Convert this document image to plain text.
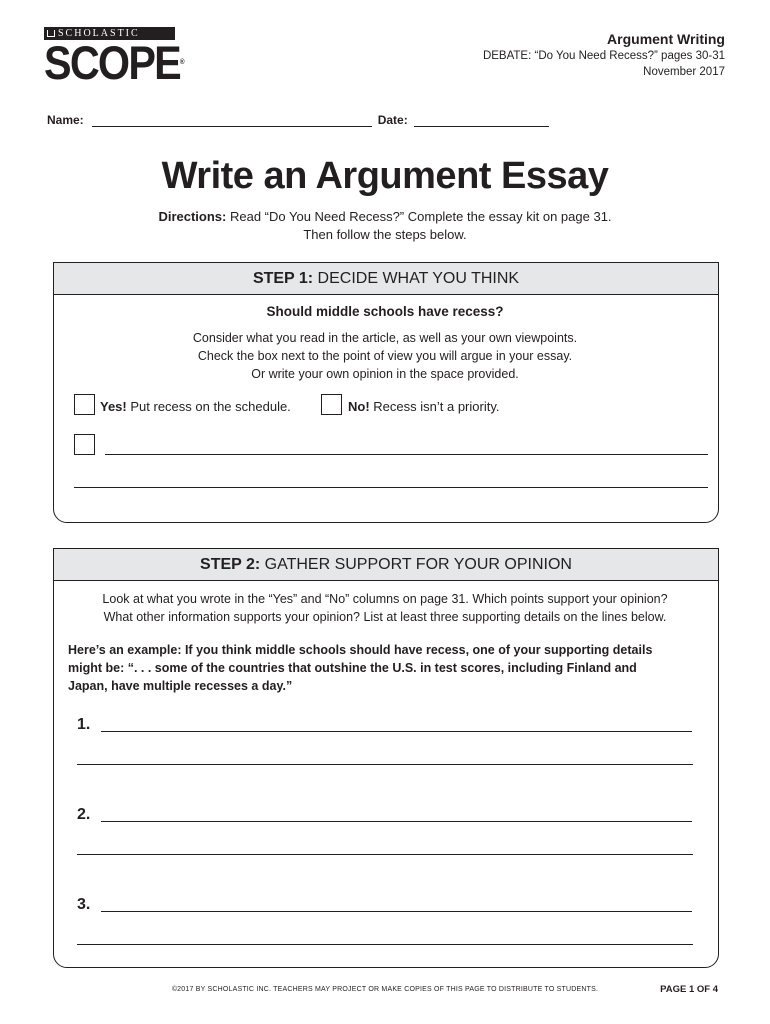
SCHOLASTIC
SCOPE®
Argument Writing
DEBATE: “Do You Need Recess?” pages 30-31
November 2017
Name:	Date:
Write an Argument Essay
Directions: Read “Do You Need Recess?” Complete the essay kit on page 31.
Then follow the steps below.
STEP 1: DECIDE WHAT YOU THINK
Should middle schools have recess?
Consider what you read in the article, as well as your own viewpoints.
Check the box next to the point of view you will argue in your essay.
Or write your own opinion in the space provided.
Yes! Put recess on the schedule.	No! Recess isn’t a priority.
STEP 2: GATHER SUPPORT FOR YOUR OPINION
Look at what you wrote in the “Yes” and “No” columns on page 31. Which points support your opinion?
What other information supports your opinion? List at least three supporting details on the lines below.
Here’s an example: If you think middle schools should have recess, one of your supporting details
might be: “. . . some of the countries that outshine the U.S. in test scores, including Finland and
Japan, have multiple recesses a day.”
1.
2.
3.
©2017 BY SCHOLASTIC INC. TEACHERS MAY PROJECT OR MAKE COPIES OF THIS PAGE TO DISTRIBUTE TO STUDENTS.	PAGE 1 OF 4
